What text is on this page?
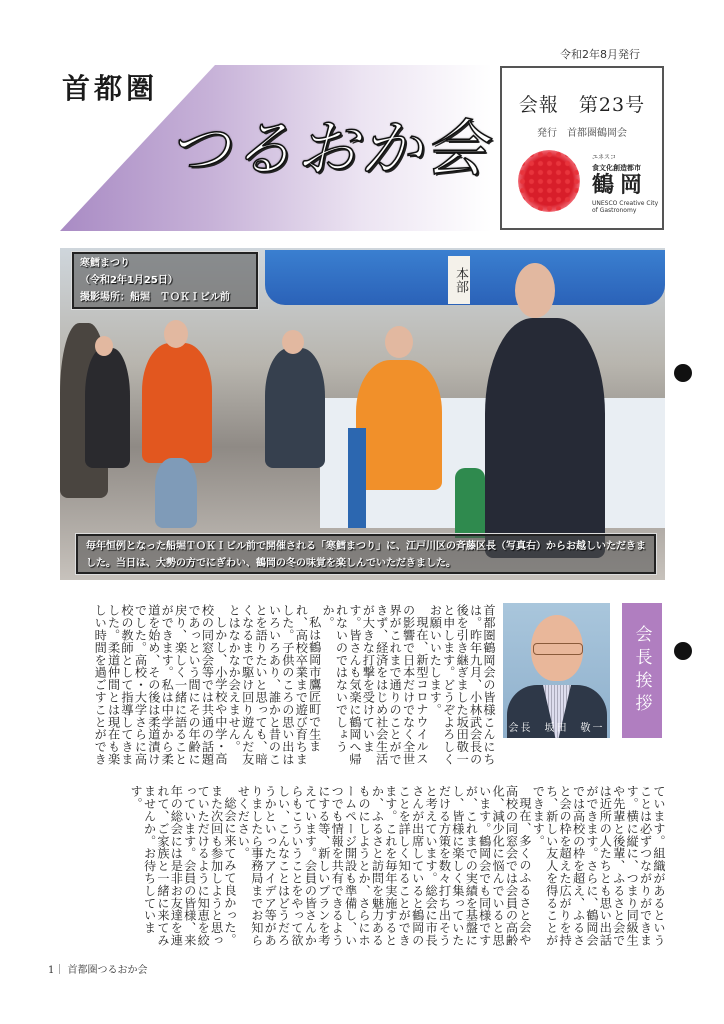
令和2年8月発行
首都圏
つるおか会
会報　第23号
発行　首都圏鶴岡会
ユネスコ
食文化創造都市
鶴岡
UNESCO Creative City of Gastronomy
本部
寒鱈まつり
（令和2年1月25日）
撮影場所：船堀　ＴＯＫＩビル前
毎年恒例となった船堀ＴＯＫＩビル前で開催される「寒鱈まつり」に、江戸川区の斉藤区長（写真右）からお越しいただきました。当日は、大勢の方でにぎわい、鶴岡の冬の味覚を楽しんでいただきました。
会長　坂田　敬一
会長挨拶

首都圏鶴岡会の皆様こんにちは。昨年九月、小林武会長の後を引き継ぎました坂田敬一と申します。どうぞよろしくお願いいたします。

現在、新型コロナウイルスの影響で日本だけでなく全世界がこれまで通りのことができず、経済をはじめ社会生活が大きな打撃を受けています。皆さんも気楽に鶴岡へ帰れないのではないでしょうか。

私は鶴岡市鷹匠町で生まれ、高校卒業まで遊び育ちました。子供のころの思い出はいろいろあり、誰かと昔のことを語りたいと思っても、暗くなるまで駆け回り遊んだ友とはなかなか会えません。

しかし、小学校や中学・高校の同窓会等では共通の話題であっという間にその年齢に戻り、楽しく一緒に語ることができます。私は中学から柔道を始め、その後は柔道漬けでした。高校・大学さらに高校の教師として指導してきました。柔道仲間とは現在も楽しい時間を過ごすことができ

ています。組織があるということは必ずつながりができます。横に縦に、つまり同級生や先輩と後輩、ふるさと会では近所の人たちとも思い出話ができます。さらに、鶴岡会では高校の枠を超え、ふるさと会の枠を超えた広がりを持ち、新しい友人を得ることができます。

現在、多くのふるさと会や高校の同窓会では会員の高齢化、減少化に悩んでいると思います。鶴岡会でも同様ですが、これまでの実績を基盤にし、皆様に楽しく集っていただける方策を数々打ち出そうと考えています。総会に市長さんが出席していると鶴岡のことを詳しく知ることができます。これを毎年実施するとか、ふるさと訪問を魅力あるものにしようとか、さらにホームページ開設も準備し、いつでも情報を共有できるようにする等、新しいプランを考えています。会員の皆さんからもこういうことをやって欲しい、こんなことはどうだろうかといったアイデア等がありましたら事務局までお知らせください。

総会に来てみて良かった。また次回も参加しようと思っていただけるように知恵を絞っています。会員の皆様、来年の総会には是非お友達を連れて、ご家族と一緒に来てみませんか。お待ちしています。

1｜ 首都圏つるおか会
